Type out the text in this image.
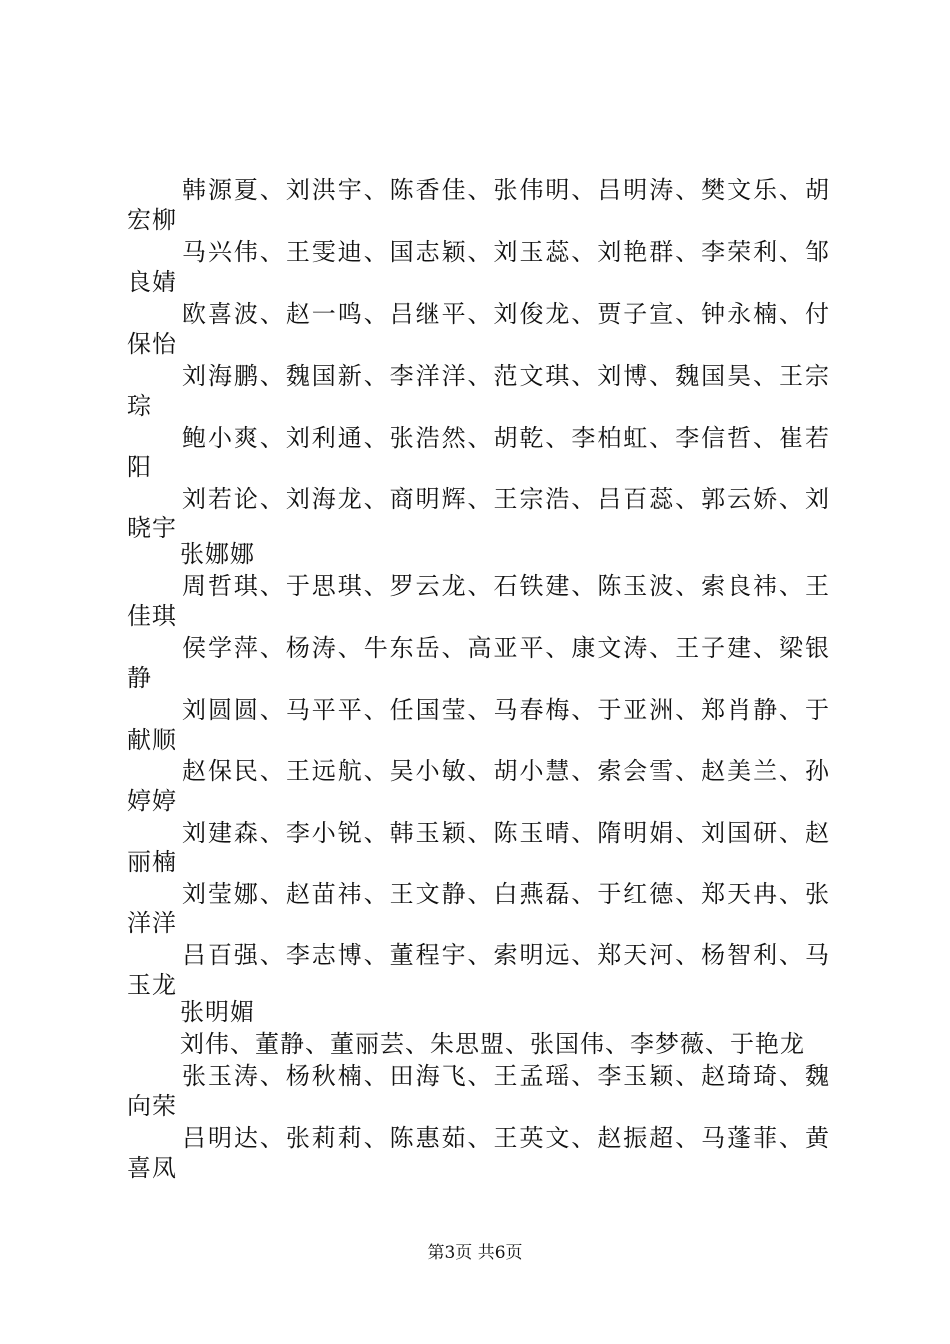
韩源夏、刘洪宇、陈香佳、张伟明、吕明涛、樊文乐、胡
宏柳
马兴伟、王雯迪、国志颖、刘玉蕊、刘艳群、李荣利、邹
良婧
欧喜波、赵一鸣、吕继平、刘俊龙、贾子宣、钟永楠、付
保怡
刘海鹏、魏国新、李洋洋、范文琪、刘博、魏国昊、王宗
琮
鲍小爽、刘利通、张浩然、胡乾、李柏虹、李信哲、崔若
阳
刘若论、刘海龙、商明辉、王宗浩、吕百蕊、郭云娇、刘
晓宇
张娜娜
周哲琪、于思琪、罗云龙、石铁建、陈玉波、索良祎、王
佳琪
侯学萍、杨涛、牛东岳、高亚平、康文涛、王子建、梁银
静
刘圆圆、马平平、任国莹、马春梅、于亚洲、郑肖静、于
献顺
赵保民、王远航、吴小敏、胡小慧、索会雪、赵美兰、孙
婷婷
刘建森、李小锐、韩玉颖、陈玉晴、隋明娟、刘国研、赵
丽楠
刘莹娜、赵苗祎、王文静、白燕磊、于红德、郑天冉、张
洋洋
吕百强、李志博、董程宇、索明远、郑天河、杨智利、马
玉龙
张明媚
刘伟、董静、董丽芸、朱思盟、张国伟、李梦薇、于艳龙
张玉涛、杨秋楠、田海飞、王孟瑶、李玉颖、赵琦琦、魏
向荣
吕明达、张莉莉、陈惠茹、王英文、赵振超、马蓬菲、黄
喜凤
第3页 共6页
